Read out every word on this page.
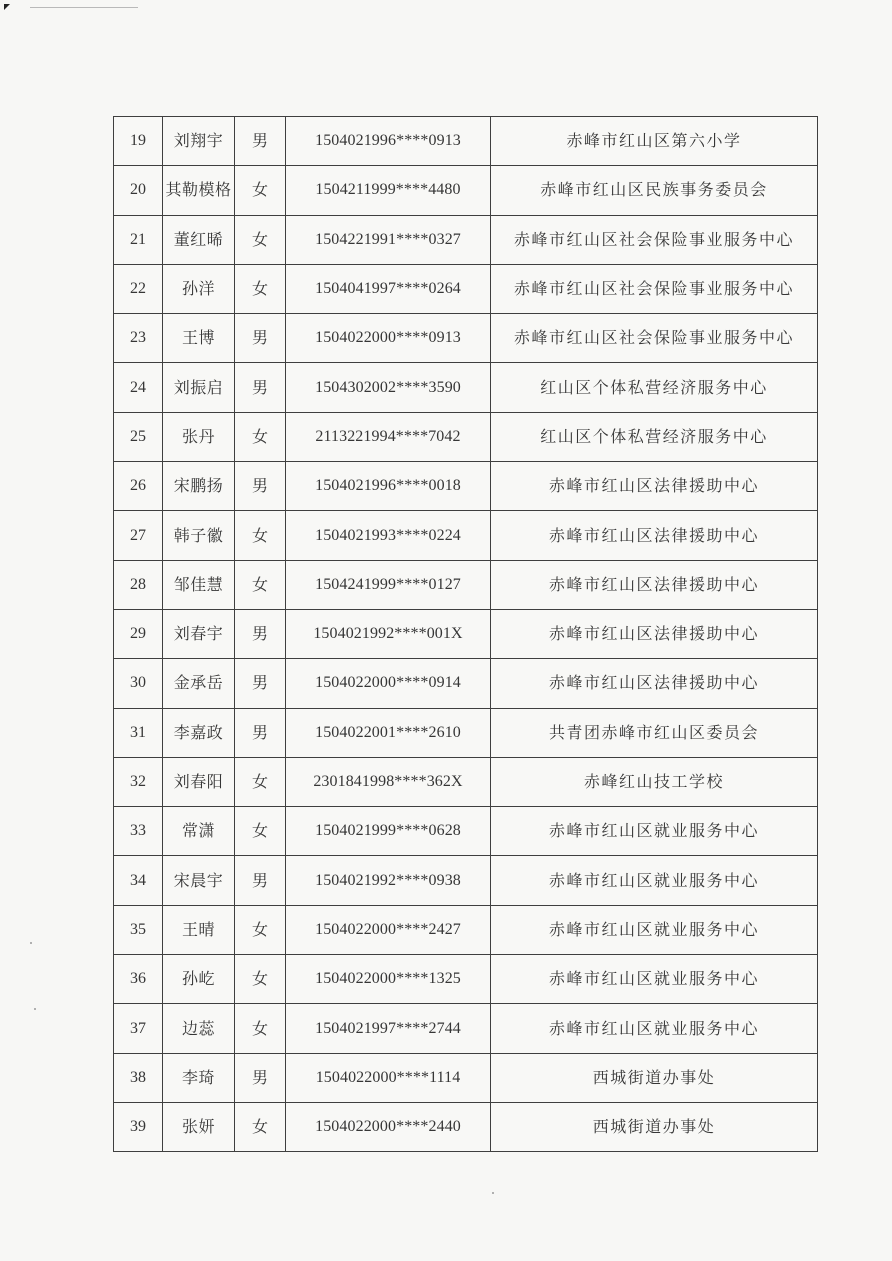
19	刘翔宇	男	1504021996****0913	赤峰市红山区第六小学
20	其勒模格	女	1504211999****4480	赤峰市红山区民族事务委员会
21	董红晞	女	1504221991****0327	赤峰市红山区社会保险事业服务中心
22	孙洋	女	1504041997****0264	赤峰市红山区社会保险事业服务中心
23	王博	男	1504022000****0913	赤峰市红山区社会保险事业服务中心
24	刘振启	男	1504302002****3590	红山区个体私营经济服务中心
25	张丹	女	2113221994****7042	红山区个体私营经济服务中心
26	宋鹏扬	男	1504021996****0018	赤峰市红山区法律援助中心
27	韩子徽	女	1504021993****0224	赤峰市红山区法律援助中心
28	邹佳慧	女	1504241999****0127	赤峰市红山区法律援助中心
29	刘春宇	男	1504021992****001X	赤峰市红山区法律援助中心
30	金承岳	男	1504022000****0914	赤峰市红山区法律援助中心
31	李嘉政	男	1504022001****2610	共青团赤峰市红山区委员会
32	刘春阳	女	2301841998****362X	赤峰红山技工学校
33	常潇	女	1504021999****0628	赤峰市红山区就业服务中心
34	宋晨宇	男	1504021992****0938	赤峰市红山区就业服务中心
35	王晴	女	1504022000****2427	赤峰市红山区就业服务中心
36	孙屹	女	1504022000****1325	赤峰市红山区就业服务中心
37	边蕊	女	1504021997****2744	赤峰市红山区就业服务中心
38	李琦	男	1504022000****1114	西城街道办事处
39	张妍	女	1504022000****2440	西城街道办事处
